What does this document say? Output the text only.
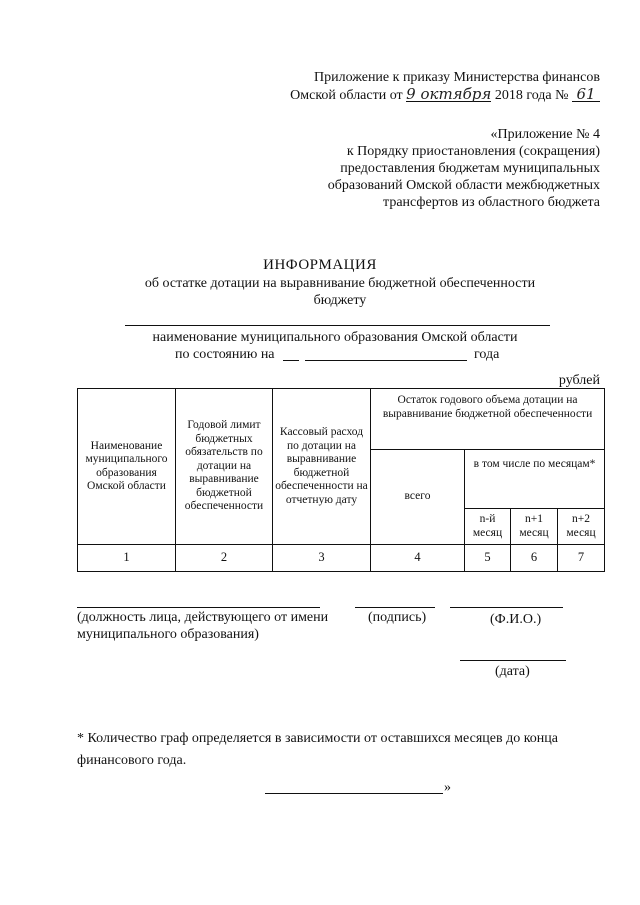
Приложение к приказу Министерства финансов
Омской области от 9 октября 2018 года № 61
«Приложение № 4
к Порядку приостановления (сокращения)
предоставления бюджетам муниципальных
образований Омской области межбюджетных
трансфертов из областного бюджета
ИНФОРМАЦИЯ
об остатке дотации на выравнивание бюджетной обеспеченности
бюджету
наименование муниципального образования Омской области
по состоянию на	года
рублей
Наименование муниципального образования Омской области	Годовой лимит бюджетных обязательств по дотации на выравнивание бюджетной обеспеченности	Кассовый расход по дотации на выравнивание бюджетной обеспеченности на отчетную дату	Остаток годового объема дотации на выравнивание бюджетной обеспеченности			
			всего	в том числе по месяцам*		
				n-й месяц	n+1 месяц	n+2 месяц
1	2	3	4	5	6	7
(должность лица, действующего от имени муниципального образования)
(подпись)	(Ф.И.О.)
(дата)
* Количество граф определяется в зависимости от оставшихся месяцев до конца финансового года.
»
